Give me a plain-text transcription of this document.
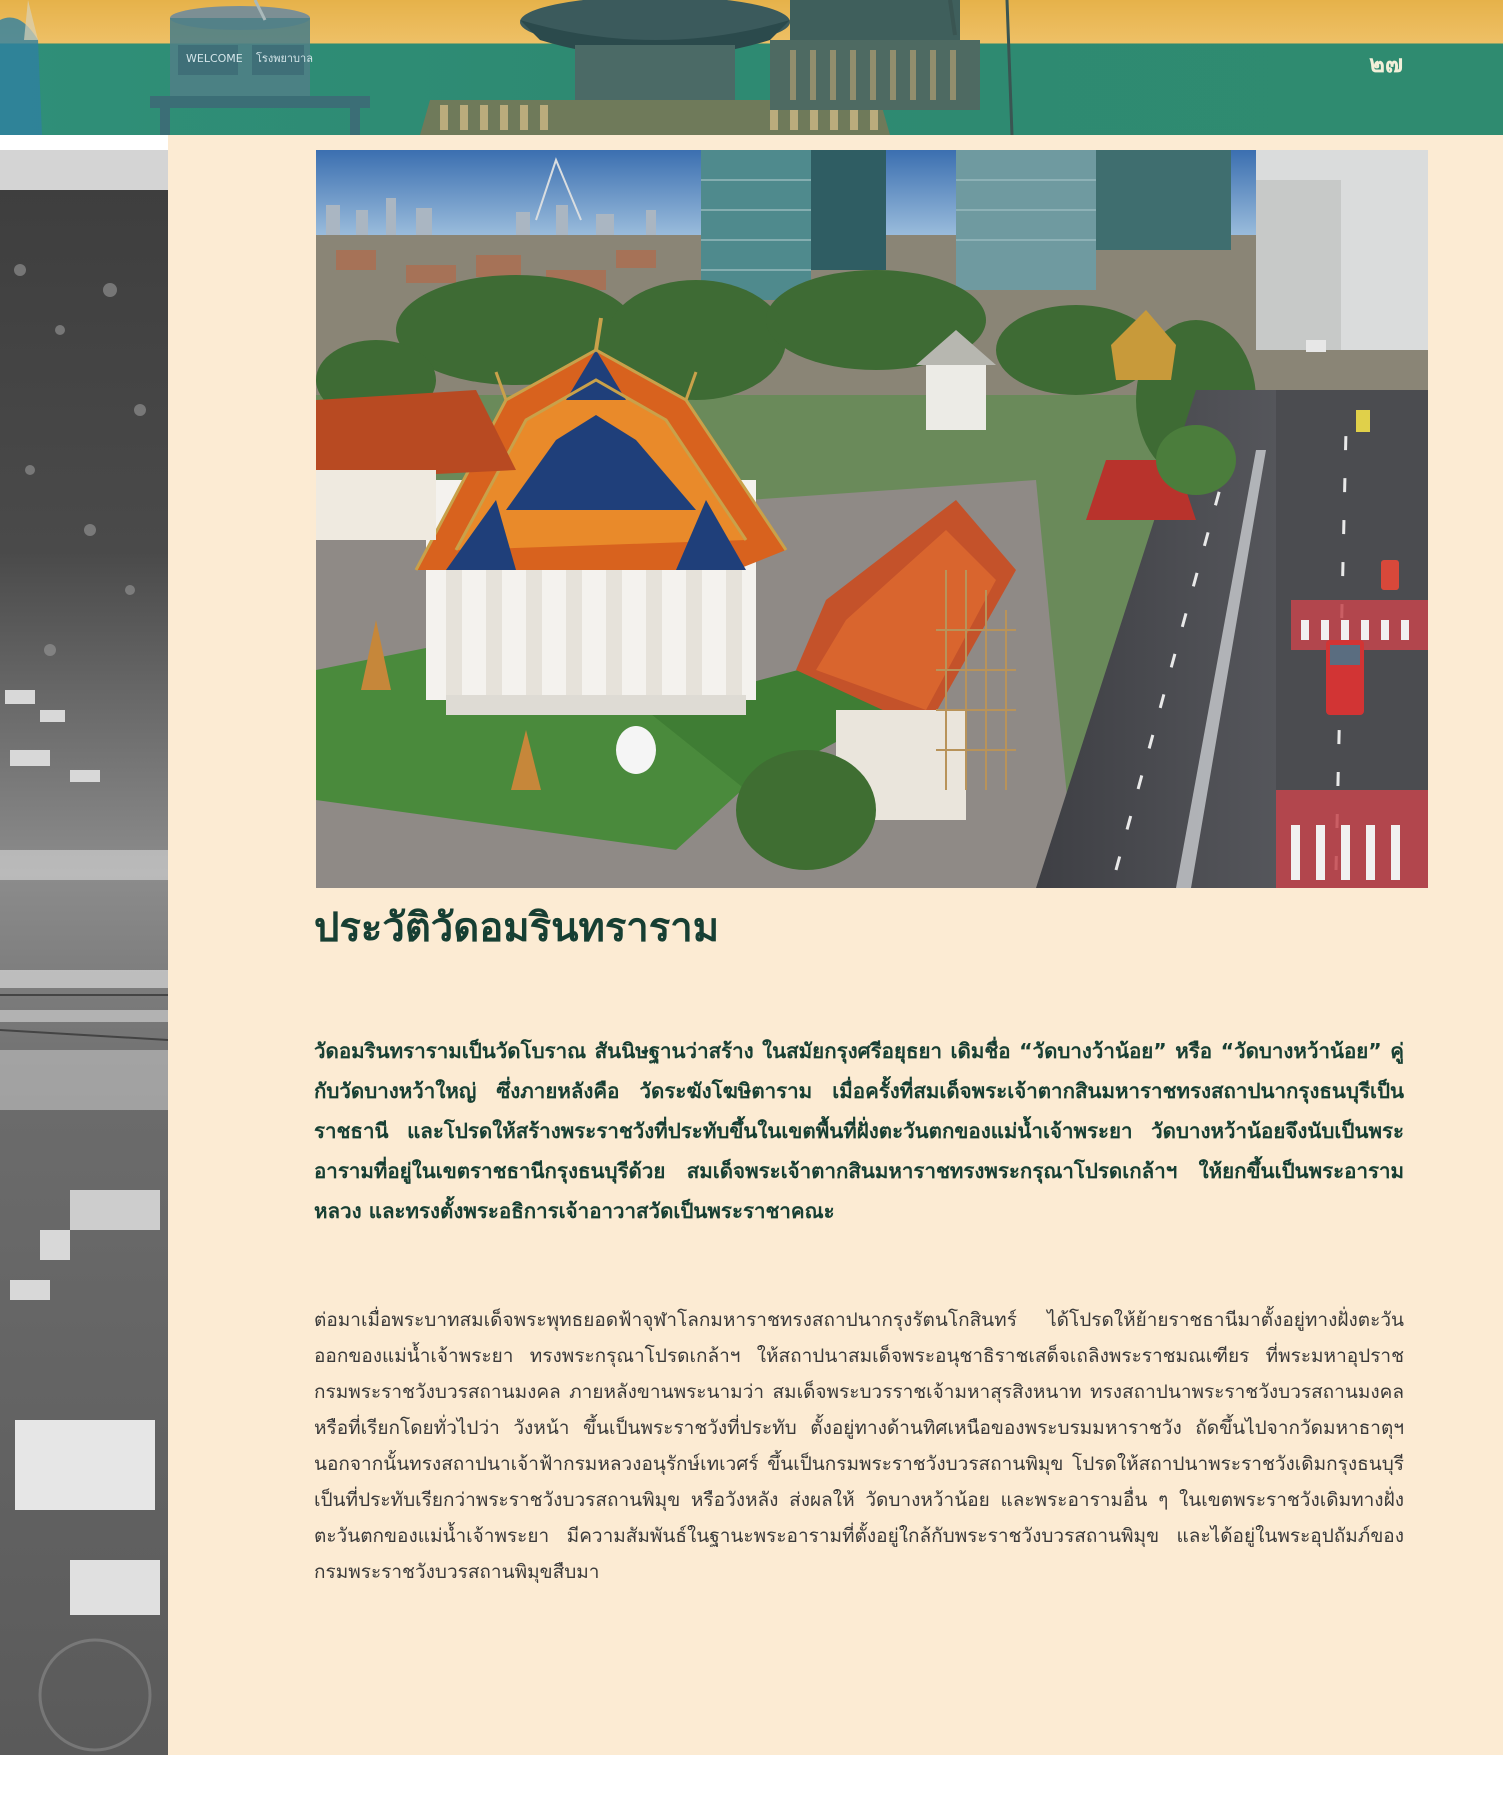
WELCOME โรงพยาบาล	๒๗
ประวัติวัดอมรินทราราม

วัดอมรินทรารามเป็นวัดโบราณ สันนิษฐานว่าสร้าง ในสมัยกรุงศรีอยุธยา เดิมชื่อ “วัดบางว้าน้อย” หรือ “วัดบางหว้าน้อย” คู่กับวัดบางหว้าใหญ่ ซึ่งภายหลังคือ วัดระฆังโฆษิตาราม เมื่อครั้งที่สมเด็จพระเจ้าตากสินมหาราชทรงสถาปนากรุงธนบุรีเป็นราชธานี และโปรดให้สร้างพระราชวังที่ประทับขึ้นในเขตพื้นที่ฝั่งตะวันตกของแม่น้ำเจ้าพระยา วัดบางหว้าน้อยจึงนับเป็นพระอารามที่อยู่ในเขตราชธานีกรุงธนบุรีด้วย สมเด็จพระเจ้าตากสินมหาราชทรงพระกรุณาโปรดเกล้าฯ ให้ยกขึ้นเป็นพระอารามหลวง และทรงตั้งพระอธิการเจ้าอาวาสวัดเป็นพระราชาคณะ

ต่อมาเมื่อพระบาทสมเด็จพระพุทธยอดฟ้าจุฬาโลกมหาราชทรงสถาปนากรุงรัตนโกสินทร์ ได้โปรดให้ย้ายราชธานีมาตั้งอยู่ทางฝั่งตะวันออกของแม่น้ำเจ้าพระยา ทรงพระกรุณาโปรดเกล้าฯ ให้สถาปนาสมเด็จพระอนุชาธิราชเสด็จเถลิงพระราชมณเฑียร ที่พระมหาอุปราช กรมพระราชวังบวรสถานมงคล ภายหลังขานพระนามว่า สมเด็จพระบวรราชเจ้ามหาสุรสิงหนาท ทรงสถาปนาพระราชวังบวรสถานมงคล หรือที่เรียกโดยทั่วไปว่า วังหน้า ขึ้นเป็นพระราชวังที่ประทับ ตั้งอยู่ทางด้านทิศเหนือของพระบรมมหาราชวัง ถัดขึ้นไปจากวัดมหาธาตุฯ นอกจากนั้นทรงสถาปนาเจ้าฟ้ากรมหลวงอนุรักษ์เทเวศร์ ขึ้นเป็นกรมพระราชวังบวรสถานพิมุข โปรดให้สถาปนาพระราชวังเดิมกรุงธนบุรี เป็นที่ประทับเรียกว่าพระราชวังบวรสถานพิมุข หรือวังหลัง ส่งผลให้ วัดบางหว้าน้อย และพระอารามอื่น ๆ ในเขตพระราชวังเดิมทางฝั่งตะวันตกของแม่น้ำเจ้าพระยา มีความสัมพันธ์ในฐานะพระอารามที่ตั้งอยู่ใกล้กับพระราชวังบวรสถานพิมุข และได้อยู่ในพระอุปถัมภ์ของกรมพระราชวังบวรสถานพิมุขสืบมา
